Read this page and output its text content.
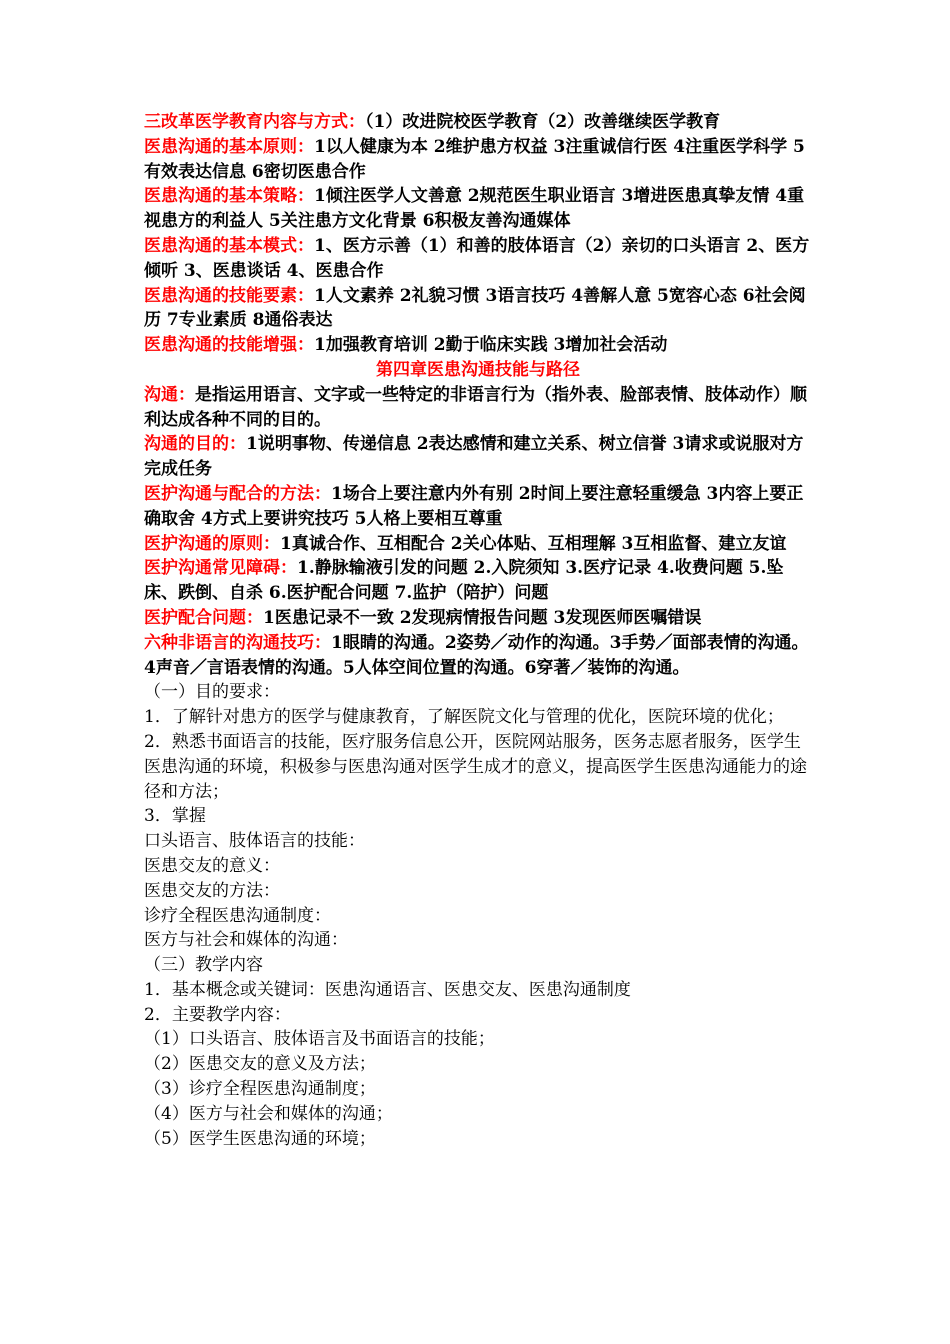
三改革医学教育内容与方式：（1）改进院校医学教育（2）改善继续医学教育

医患沟通的基本原则：1以人健康为本 2维护患方权益 3注重诚信行医 4注重医学科学 5有效表达信息 6密切医患合作

医患沟通的基本策略：1倾注医学人文善意 2规范医生职业语言 3增进医患真挚友情 4重视患方的利益人 5关注患方文化背景 6积极友善沟通媒体

医患沟通的基本模式：1、医方示善（1）和善的肢体语言（2）亲切的口头语言 2、医方倾听 3、医患谈话 4、医患合作

医患沟通的技能要素：1人文素养 2礼貌习惯 3语言技巧 4善解人意 5宽容心态 6社会阅历 7专业素质 8通俗表达

医患沟通的技能增强：1加强教育培训 2勤于临床实践 3增加社会活动

第四章医患沟通技能与路径

沟通：是指运用语言、文字或一些特定的非语言行为（指外表、脸部表情、肢体动作）顺利达成各种不同的目的。

沟通的目的：1说明事物、传递信息 2表达感情和建立关系、树立信誉 3请求或说服对方完成任务

医护沟通与配合的方法：1场合上要注意内外有别 2时间上要注意轻重缓急 3内容上要正确取舍 4方式上要讲究技巧 5人格上要相互尊重

医护沟通的原则：1真诚合作、互相配合 2关心体贴、互相理解 3互相监督、建立友谊

医护沟通常见障碍：1.静脉输液引发的问题 2.入院须知 3.医疗记录 4.收费问题 5.坠床、跌倒、自杀 6.医护配合问题 7.监护（陪护）问题

医护配合问题：1医患记录不一致 2发现病情报告问题 3发现医师医嘱错误

六种非语言的沟通技巧：1眼睛的沟通。2姿势／动作的沟通。3手势／面部表情的沟通。4声音／言语表情的沟通。5人体空间位置的沟通。6穿著／装饰的沟通。

（一）目的要求：

1．了解针对患方的医学与健康教育，了解医院文化与管理的优化，医院环境的优化；

2．熟悉书面语言的技能，医疗服务信息公开，医院网站服务，医务志愿者服务，医学生医患沟通的环境，积极参与医患沟通对医学生成才的意义，提高医学生医患沟通能力的途径和方法；

3．掌握

口头语言、肢体语言的技能：

医患交友的意义：

医患交友的方法：

诊疗全程医患沟通制度：

医方与社会和媒体的沟通：

（三）教学内容

1．基本概念或关键词：医患沟通语言、医患交友、医患沟通制度

2．主要教学内容：

（1）口头语言、肢体语言及书面语言的技能；

（2）医患交友的意义及方法；

（3）诊疗全程医患沟通制度；

（4）医方与社会和媒体的沟通；

（5）医学生医患沟通的环境；
